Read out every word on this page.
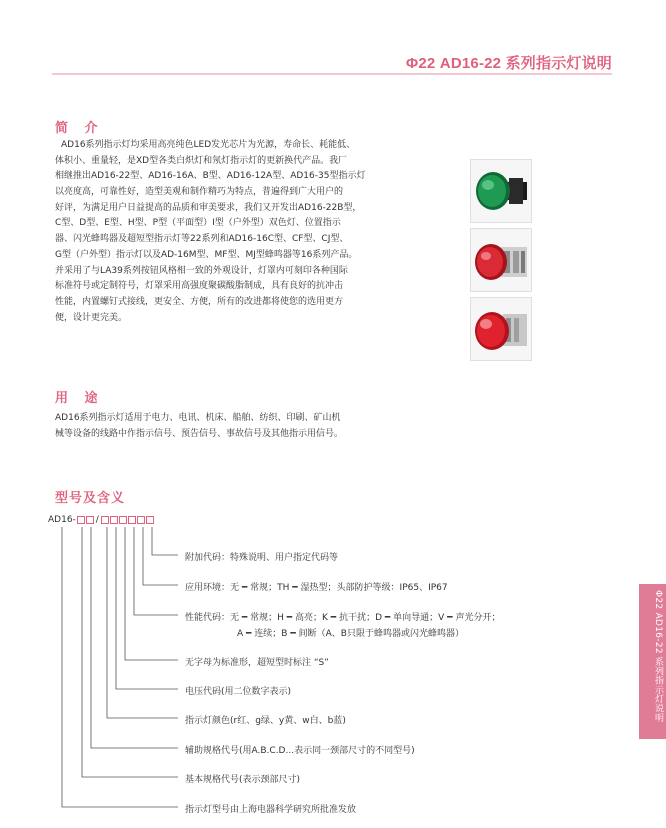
Φ22 AD16-22 系列指示灯说明
简 介
AD16系列指示灯均采用高亮纯色LED发光芯片为光源，寿命长、耗能低、
体积小、重量轻，是XD型各类白炽灯和氖灯指示灯的更新换代产品。我厂
相继推出AD16-22型、AD16-16A、B型、AD16-12A型、AD16-35型指示灯
以亮度高，可靠性好，造型美观和制作精巧为特点，普遍得到广大用户的
好评，为满足用户日益提高的品质和审美要求，我们又开发出AD16-22B型，
C型、D型、E型、H型、P型（平面型）I型（户外型）双色灯、位置指示
器、闪光蜂鸣器及超短型指示灯等22系列和AD16-16C型、CF型、CJ型、
G型（户外型）指示灯以及AD-16M型、MF型、MJ型蜂鸣器等16系列产品。
并采用了与LA39系列按钮风格相一致的外观设计，灯罩内可刻印各种国际
标准符号或定制符号，灯罩采用高强度聚碳酸脂制成，具有良好的抗冲击
性能，内置螺钉式接线，更安全、方便，所有的改进都将使您的选用更方
便，设计更完美。
用 途
AD16系列指示灯适用于电力、电讯、机床、船舶、纺织、印刷、矿山机
械等设备的线路中作指示信号、预告信号、事故信号及其他指示用信号。
型号及含义
AD16- /
附加代码：特殊说明、用户指定代码等
应用环境：无 ━ 常规；TH ━ 湿热型；头部防护等级：IP65、IP67
性能代码：无 ━ 常规；H ━ 高亮；K ━ 抗干扰；D ━ 单向导通；V ━ 声光分开；
A ━ 连续；B ━ 间断（A、B只限于蜂鸣器或闪光蜂鸣器）
无字母为标准形，超短型时标注 “S”
电压代码(用二位数字表示)
指示灯颜色(r红、g绿、y黄、w白、b蓝)
辅助规格代号(用A.B.C.D...表示同一颈部尺寸的不同型号)
基本规格代号(表示颈部尺寸)
指示灯型号由上海电器科学研究所批准发放
Φ22 AD16-22 系列指示灯说明
